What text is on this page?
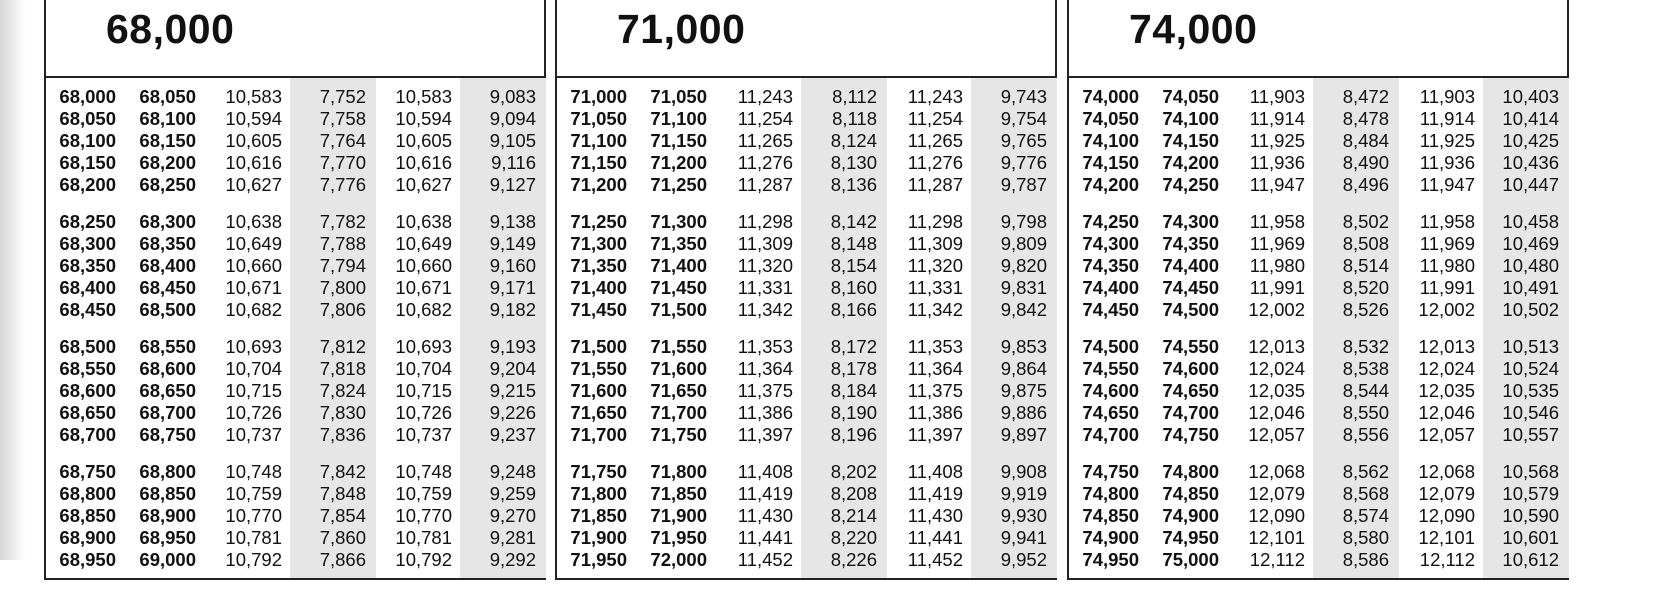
68,000
68,000 68,050 10,583 7,752 10,583 9,083
68,050 68,100 10,594 7,758 10,594 9,094
68,100 68,150 10,605 7,764 10,605 9,105
68,150 68,200 10,616 7,770 10,616 9,116
68,200 68,250 10,627 7,776 10,627 9,127
68,250 68,300 10,638 7,782 10,638 9,138
68,300 68,350 10,649 7,788 10,649 9,149
68,350 68,400 10,660 7,794 10,660 9,160
68,400 68,450 10,671 7,800 10,671 9,171
68,450 68,500 10,682 7,806 10,682 9,182
68,500 68,550 10,693 7,812 10,693 9,193
68,550 68,600 10,704 7,818 10,704 9,204
68,600 68,650 10,715 7,824 10,715 9,215
68,650 68,700 10,726 7,830 10,726 9,226
68,700 68,750 10,737 7,836 10,737 9,237
68,750 68,800 10,748 7,842 10,748 9,248
68,800 68,850 10,759 7,848 10,759 9,259
68,850 68,900 10,770 7,854 10,770 9,270
68,900 68,950 10,781 7,860 10,781 9,281
68,950 69,000 10,792 7,866 10,792 9,292
71,000
71,000 71,050 11,243 8,112 11,243 9,743
71,050 71,100 11,254 8,118 11,254 9,754
71,100 71,150 11,265 8,124 11,265 9,765
71,150 71,200 11,276 8,130 11,276 9,776
71,200 71,250 11,287 8,136 11,287 9,787
71,250 71,300 11,298 8,142 11,298 9,798
71,300 71,350 11,309 8,148 11,309 9,809
71,350 71,400 11,320 8,154 11,320 9,820
71,400 71,450 11,331 8,160 11,331 9,831
71,450 71,500 11,342 8,166 11,342 9,842
71,500 71,550 11,353 8,172 11,353 9,853
71,550 71,600 11,364 8,178 11,364 9,864
71,600 71,650 11,375 8,184 11,375 9,875
71,650 71,700 11,386 8,190 11,386 9,886
71,700 71,750 11,397 8,196 11,397 9,897
71,750 71,800 11,408 8,202 11,408 9,908
71,800 71,850 11,419 8,208 11,419 9,919
71,850 71,900 11,430 8,214 11,430 9,930
71,900 71,950 11,441 8,220 11,441 9,941
71,950 72,000 11,452 8,226 11,452 9,952
74,000
74,000 74,050 11,903 8,472 11,903 10,403
74,050 74,100 11,914 8,478 11,914 10,414
74,100 74,150 11,925 8,484 11,925 10,425
74,150 74,200 11,936 8,490 11,936 10,436
74,200 74,250 11,947 8,496 11,947 10,447
74,250 74,300 11,958 8,502 11,958 10,458
74,300 74,350 11,969 8,508 11,969 10,469
74,350 74,400 11,980 8,514 11,980 10,480
74,400 74,450 11,991 8,520 11,991 10,491
74,450 74,500 12,002 8,526 12,002 10,502
74,500 74,550 12,013 8,532 12,013 10,513
74,550 74,600 12,024 8,538 12,024 10,524
74,600 74,650 12,035 8,544 12,035 10,535
74,650 74,700 12,046 8,550 12,046 10,546
74,700 74,750 12,057 8,556 12,057 10,557
74,750 74,800 12,068 8,562 12,068 10,568
74,800 74,850 12,079 8,568 12,079 10,579
74,850 74,900 12,090 8,574 12,090 10,590
74,900 74,950 12,101 8,580 12,101 10,601
74,950 75,000 12,112 8,586 12,112 10,612
